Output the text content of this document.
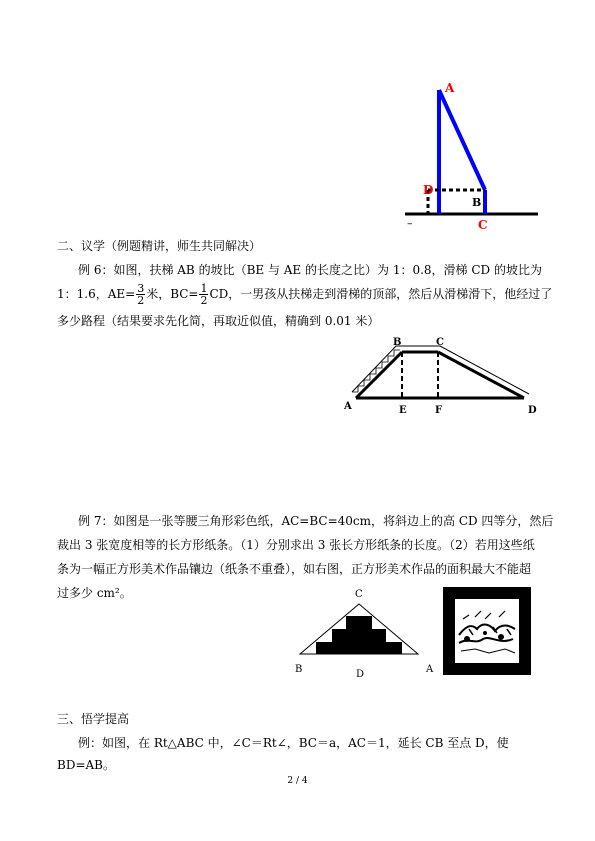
A
D
B
C
–
二、议学（例题精讲，师生共同解决）
例 6：如图，扶梯 AB 的坡比（BE 与 AE 的长度之比）为 1：0.8，滑梯 CD 的坡比为
1：1.6，$AE= \frac{3}{2}$ 米，$BC= \frac{1}{2}$ CD，一男孩从扶梯走到滑梯的顶部，然后从滑梯滑下，他经过了
多少路程（结果要求先化简，再取近似值，精确到 0.01 米）
A
B	C
D
E	F
例 7：如图是一张等腰三角形彩色纸，AC=BC=40cm，将斜边上的高 CD 四等分，然后
裁出 3 张宽度相等的长方形纸条。（1）分别求出 3 张长方形纸条的长度。（2）若用这些纸
条为一幅正方形美术作品镶边（纸条不重叠），如右图，正方形美术作品的面积最大不能超
过多少 cm²。	C
B	D	A
三、悟学提高
例：如图，在 Rt△ABC 中，∠C＝Rt∠，BC＝a，AC＝1，延长 CB 至点 D，使
BD=AB。
2 / 4
